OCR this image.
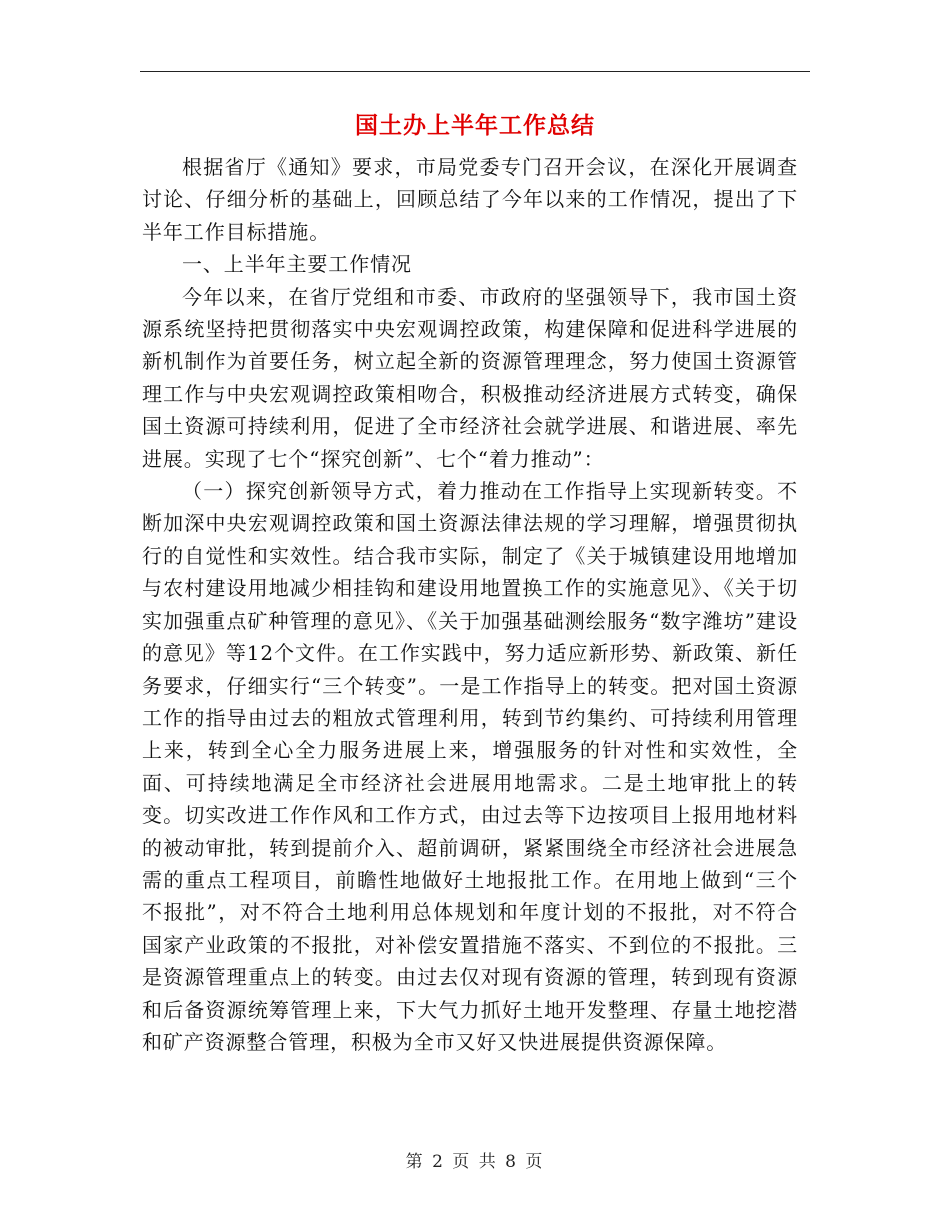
国土办上半年工作总结

根据省厅《通知》要求，市局党委专门召开会议，在深化开展调查讨论、仔细分析的基础上，回顾总结了今年以来的工作情况，提出了下半年工作目标措施。

一、上半年主要工作情况

今年以来，在省厅党组和市委、市政府的坚强领导下，我市国土资源系统坚持把贯彻落实中央宏观调控政策，构建保障和促进科学进展的新机制作为首要任务，树立起全新的资源管理理念，努力使国土资源管理工作与中央宏观调控政策相吻合，积极推动经济进展方式转变，确保国土资源可持续利用，促进了全市经济社会就学进展、和谐进展、率先进展。实现了七个“探究创新”、七个“着力推动”：

（一）探究创新领导方式，着力推动在工作指导上实现新转变。不断加深中央宏观调控政策和国土资源法律法规的学习理解，增强贯彻执行的自觉性和实效性。结合我市实际，制定了《关于城镇建设用地增加与农村建设用地减少相挂钩和建设用地置换工作的实施意见》、《关于切实加强重点矿种管理的意见》、《关于加强基础测绘服务“数字潍坊”建设的意见》等12个文件。在工作实践中，努力适应新形势、新政策、新任务要求，仔细实行“三个转变”。一是工作指导上的转变。把对国土资源工作的指导由过去的粗放式管理利用，转到节约集约、可持续利用管理上来，转到全心全力服务进展上来，增强服务的针对性和实效性，全面、可持续地满足全市经济社会进展用地需求。二是土地审批上的转变。切实改进工作作风和工作方式，由过去等下边按项目上报用地材料的被动审批，转到提前介入、超前调研，紧紧围绕全市经济社会进展急需的重点工程项目，前瞻性地做好土地报批工作。在用地上做到“三个不报批”，对不符合土地利用总体规划和年度计划的不报批，对不符合国家产业政策的不报批，对补偿安置措施不落实、不到位的不报批。三是资源管理重点上的转变。由过去仅对现有资源的管理，转到现有资源和后备资源统筹管理上来，下大气力抓好土地开发整理、存量土地挖潜和矿产资源整合管理，积极为全市又好又快进展提供资源保障。

第 2 页 共 8 页
